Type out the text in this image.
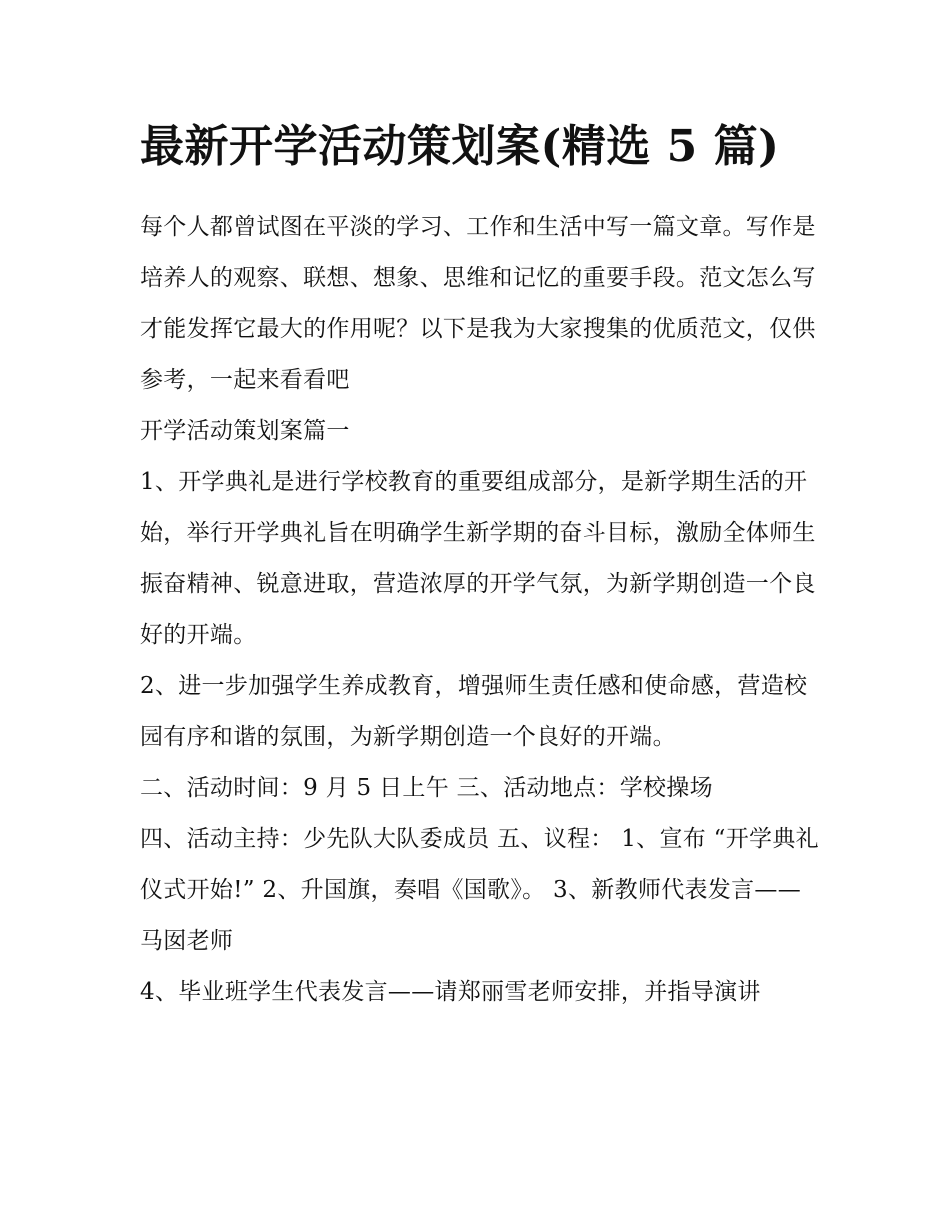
最新开学活动策划案(精选 5 篇)

每个人都曾试图在平淡的学习、工作和生活中写一篇文章。写作是培养人的观察、联想、想象、思维和记忆的重要手段。范文怎么写才能发挥它最大的作用呢？以下是我为大家搜集的优质范文，仅供参考，一起来看看吧

开学活动策划案篇一

1、开学典礼是进行学校教育的重要组成部分，是新学期生活的开始，举行开学典礼旨在明确学生新学期的奋斗目标，激励全体师生振奋精神、锐意进取，营造浓厚的开学气氛，为新学期创造一个良好的开端。

2、进一步加强学生养成教育，增强师生责任感和使命感，营造校园有序和谐的氛围，为新学期创造一个良好的开端。

二、活动时间：9 月 5 日上午 三、活动地点：学校操场

四、活动主持：少先队大队委成员 五、议程： 1、宣布 “开学典礼仪式开始!” 2、升国旗，奏唱《国歌》。 3、新教师代表发言——马囡老师

4、毕业班学生代表发言——请郑丽雪老师安排，并指导演讲
